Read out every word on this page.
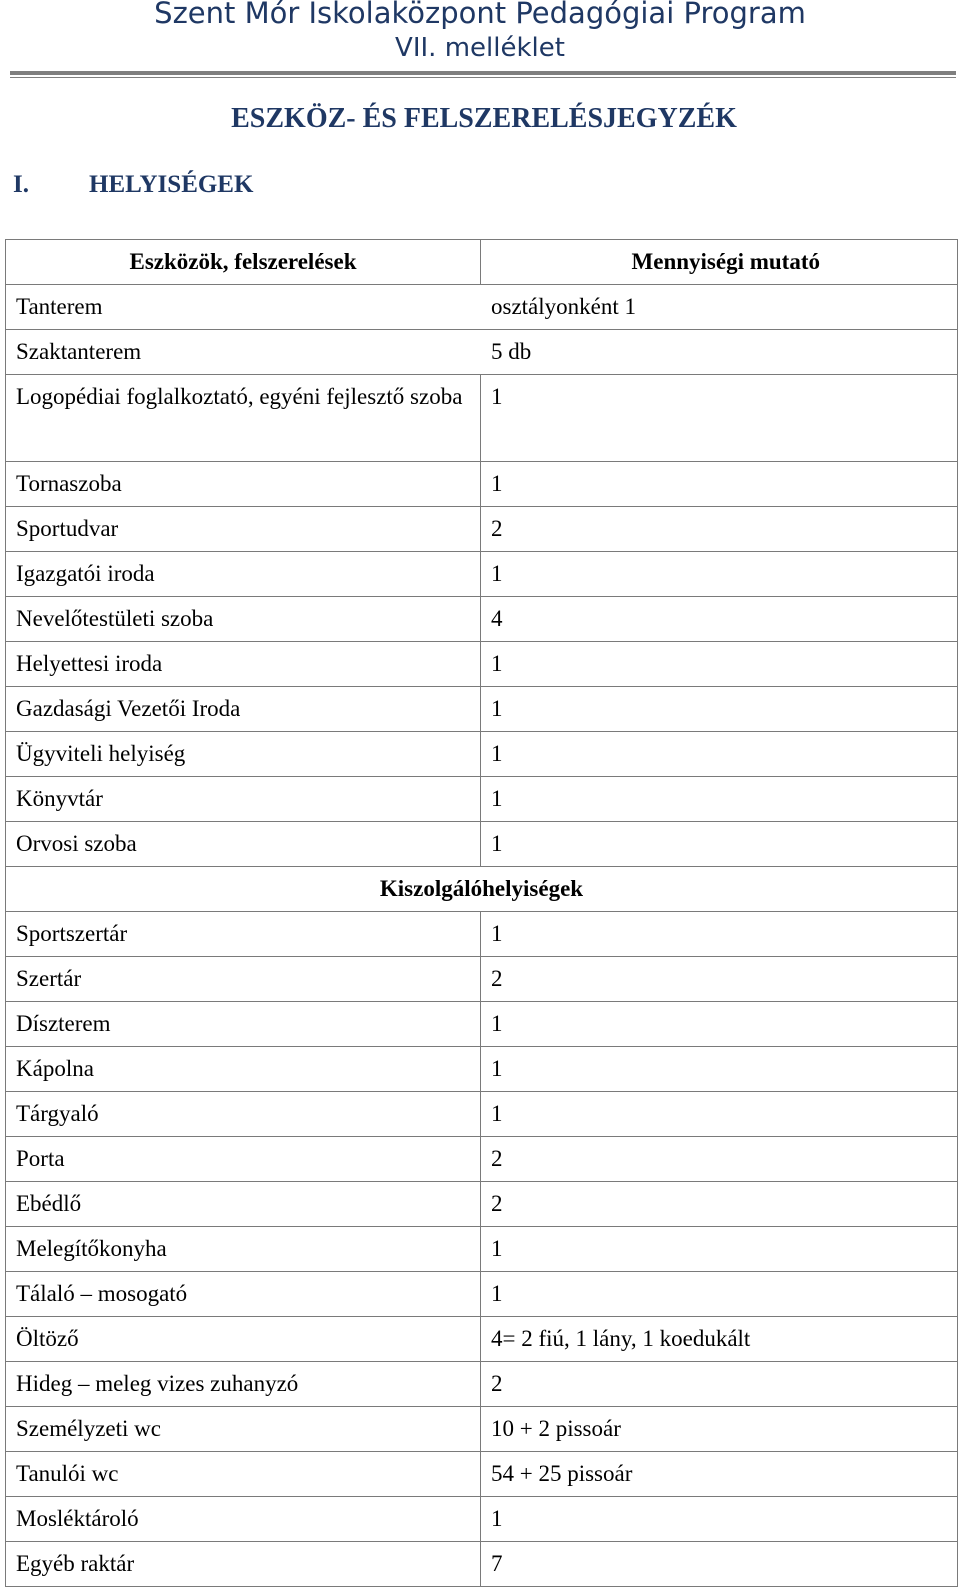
Szent Mór Iskolaközpont Pedagógiai Program
VII. melléklet
ESZKÖZ- ÉS FELSZERELÉSJEGYZÉK
I. HELYISÉGEK
Eszközök, felszerelések	Mennyiségi mutató
Tanterem	osztályonként 1
Szaktanterem	5 db
Logopédiai foglalkoztató, egyéni fejlesztő szoba	1
Tornaszoba	1
Sportudvar	2
Igazgatói iroda	1
Nevelőtestületi szoba	4
Helyettesi iroda	1
Gazdasági Vezetői Iroda	1
Ügyviteli helyiség	1
Könyvtár	1
Orvosi szoba	1
Kiszolgálóhelyiségek	
Sportszertár	1
Szertár	2
Díszterem	1
Kápolna	1
Tárgyaló	1
Porta	2
Ebédlő	2
Melegítőkonyha	1
Tálaló – mosogató	1
Öltöző	4= 2 fiú, 1 lány, 1 koedukált
Hideg – meleg vizes zuhanyzó	2
Személyzeti wc	10 + 2 pissoár
Tanulói wc	54 + 25 pissoár
Mosléktároló	1
Egyéb raktár	7
